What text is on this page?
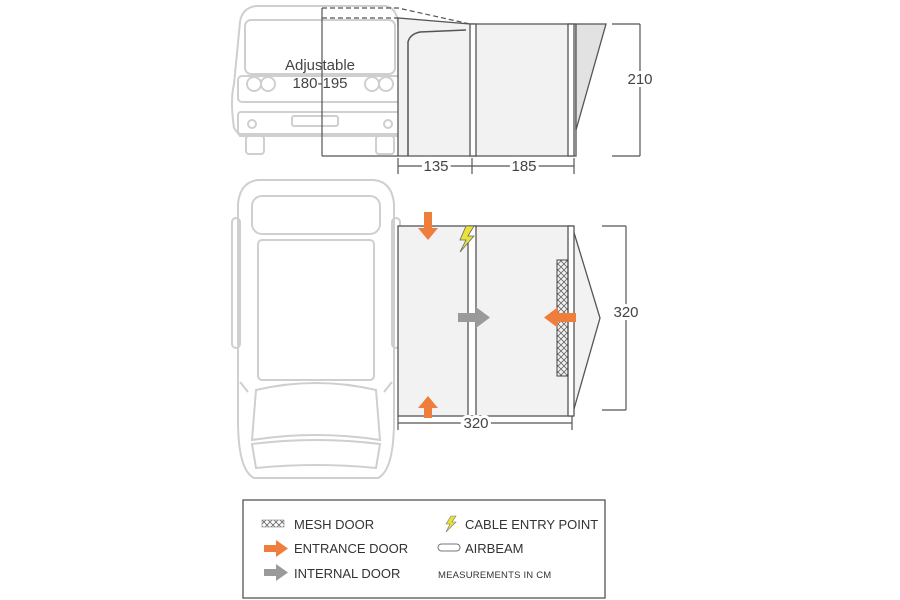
Adjustable
180-195	210
135	185
320
320
MESH DOOR
ENTRANCE DOOR
INTERNAL DOOR
CABLE ENTRY POINT
AIRBEAM
MEASUREMENTS IN CM
